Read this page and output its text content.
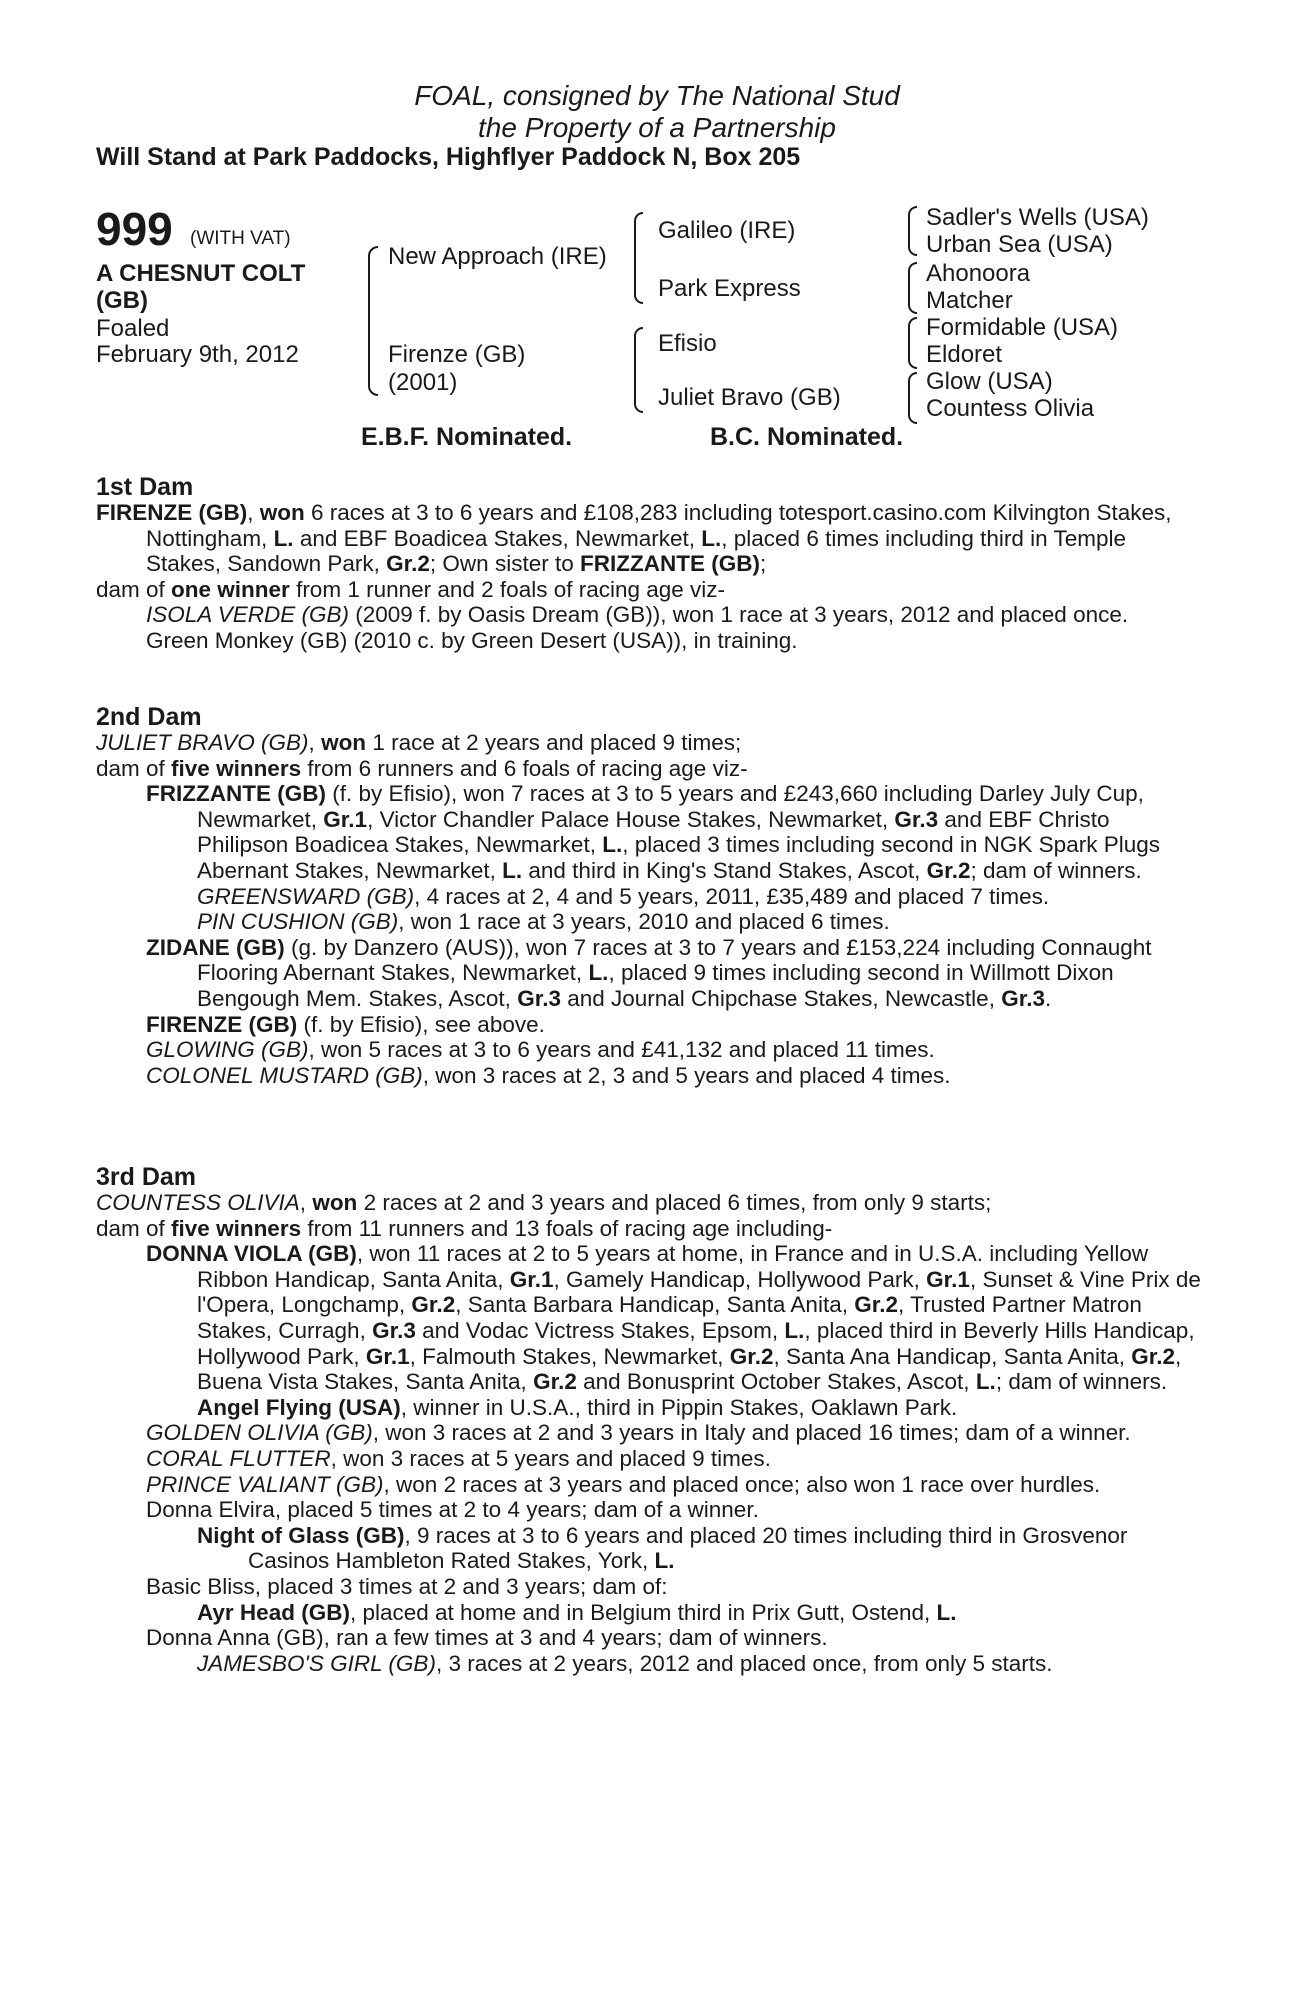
FOAL, consigned by The National Stud
the Property of a Partnership
Will Stand at Park Paddocks, Highflyer Paddock N, Box 205
999 (WITH VAT)
A CHESNUT COLT
(GB)
Foaled
February 9th, 2012
New Approach (IRE)
Firenze (GB)
(2001)
Galileo (IRE)
Park Express
Efisio
Juliet Bravo (GB)
Sadler's Wells (USA)
Urban Sea (USA)
Ahonoora
Matcher
Formidable (USA)
Eldoret
Glow (USA)
Countess Olivia
E.B.F. Nominated.	B.C. Nominated.
1st Dam

FIRENZE (GB), won 6 races at 3 to 6 years and £108,283 including totesport.casino.com Kilvington Stakes, Nottingham, L. and EBF Boadicea Stakes, Newmarket, L., placed 6 times including third in Temple Stakes, Sandown Park, Gr.2; Own sister to FRIZZANTE (GB);

dam of one winner from 1 runner and 2 foals of racing age viz-

ISOLA VERDE (GB) (2009 f. by Oasis Dream (GB)), won 1 race at 3 years, 2012 and placed once.

Green Monkey (GB) (2010 c. by Green Desert (USA)), in training.

2nd Dam

JULIET BRAVO (GB), won 1 race at 2 years and placed 9 times;

dam of five winners from 6 runners and 6 foals of racing age viz-

FRIZZANTE (GB) (f. by Efisio), won 7 races at 3 to 5 years and £243,660 including Darley July Cup, Newmarket, Gr.1, Victor Chandler Palace House Stakes, Newmarket, Gr.3 and EBF Christo Philipson Boadicea Stakes, Newmarket, L., placed 3 times including second in NGK Spark Plugs Abernant Stakes, Newmarket, L. and third in King's Stand Stakes, Ascot, Gr.2; dam of winners.

GREENSWARD (GB), 4 races at 2, 4 and 5 years, 2011, £35,489 and placed 7 times.

PIN CUSHION (GB), won 1 race at 3 years, 2010 and placed 6 times.

ZIDANE (GB) (g. by Danzero (AUS)), won 7 races at 3 to 7 years and £153,224 including Connaught Flooring Abernant Stakes, Newmarket, L., placed 9 times including second in Willmott Dixon Bengough Mem. Stakes, Ascot, Gr.3 and Journal Chipchase Stakes, Newcastle, Gr.3.

FIRENZE (GB) (f. by Efisio), see above.

GLOWING (GB), won 5 races at 3 to 6 years and £41,132 and placed 11 times.

COLONEL MUSTARD (GB), won 3 races at 2, 3 and 5 years and placed 4 times.

3rd Dam

COUNTESS OLIVIA, won 2 races at 2 and 3 years and placed 6 times, from only 9 starts;

dam of five winners from 11 runners and 13 foals of racing age including-

DONNA VIOLA (GB), won 11 races at 2 to 5 years at home, in France and in U.S.A. including Yellow Ribbon Handicap, Santa Anita, Gr.1, Gamely Handicap, Hollywood Park, Gr.1, Sunset & Vine Prix de l'Opera, Longchamp, Gr.2, Santa Barbara Handicap, Santa Anita, Gr.2, Trusted Partner Matron Stakes, Curragh, Gr.3 and Vodac Victress Stakes, Epsom, L., placed third in Beverly Hills Handicap, Hollywood Park, Gr.1, Falmouth Stakes, Newmarket, Gr.2, Santa Ana Handicap, Santa Anita, Gr.2, Buena Vista Stakes, Santa Anita, Gr.2 and Bonusprint October Stakes, Ascot, L.; dam of winners.

Angel Flying (USA), winner in U.S.A., third in Pippin Stakes, Oaklawn Park.

GOLDEN OLIVIA (GB), won 3 races at 2 and 3 years in Italy and placed 16 times; dam of a winner.

CORAL FLUTTER, won 3 races at 5 years and placed 9 times.

PRINCE VALIANT (GB), won 2 races at 3 years and placed once; also won 1 race over hurdles.

Donna Elvira, placed 5 times at 2 to 4 years; dam of a winner.

Night of Glass (GB), 9 races at 3 to 6 years and placed 20 times including third in Grosvenor Casinos Hambleton Rated Stakes, York, L.

Basic Bliss, placed 3 times at 2 and 3 years; dam of:

Ayr Head (GB), placed at home and in Belgium third in Prix Gutt, Ostend, L.

Donna Anna (GB), ran a few times at 3 and 4 years; dam of winners.

JAMESBO'S GIRL (GB), 3 races at 2 years, 2012 and placed once, from only 5 starts.
